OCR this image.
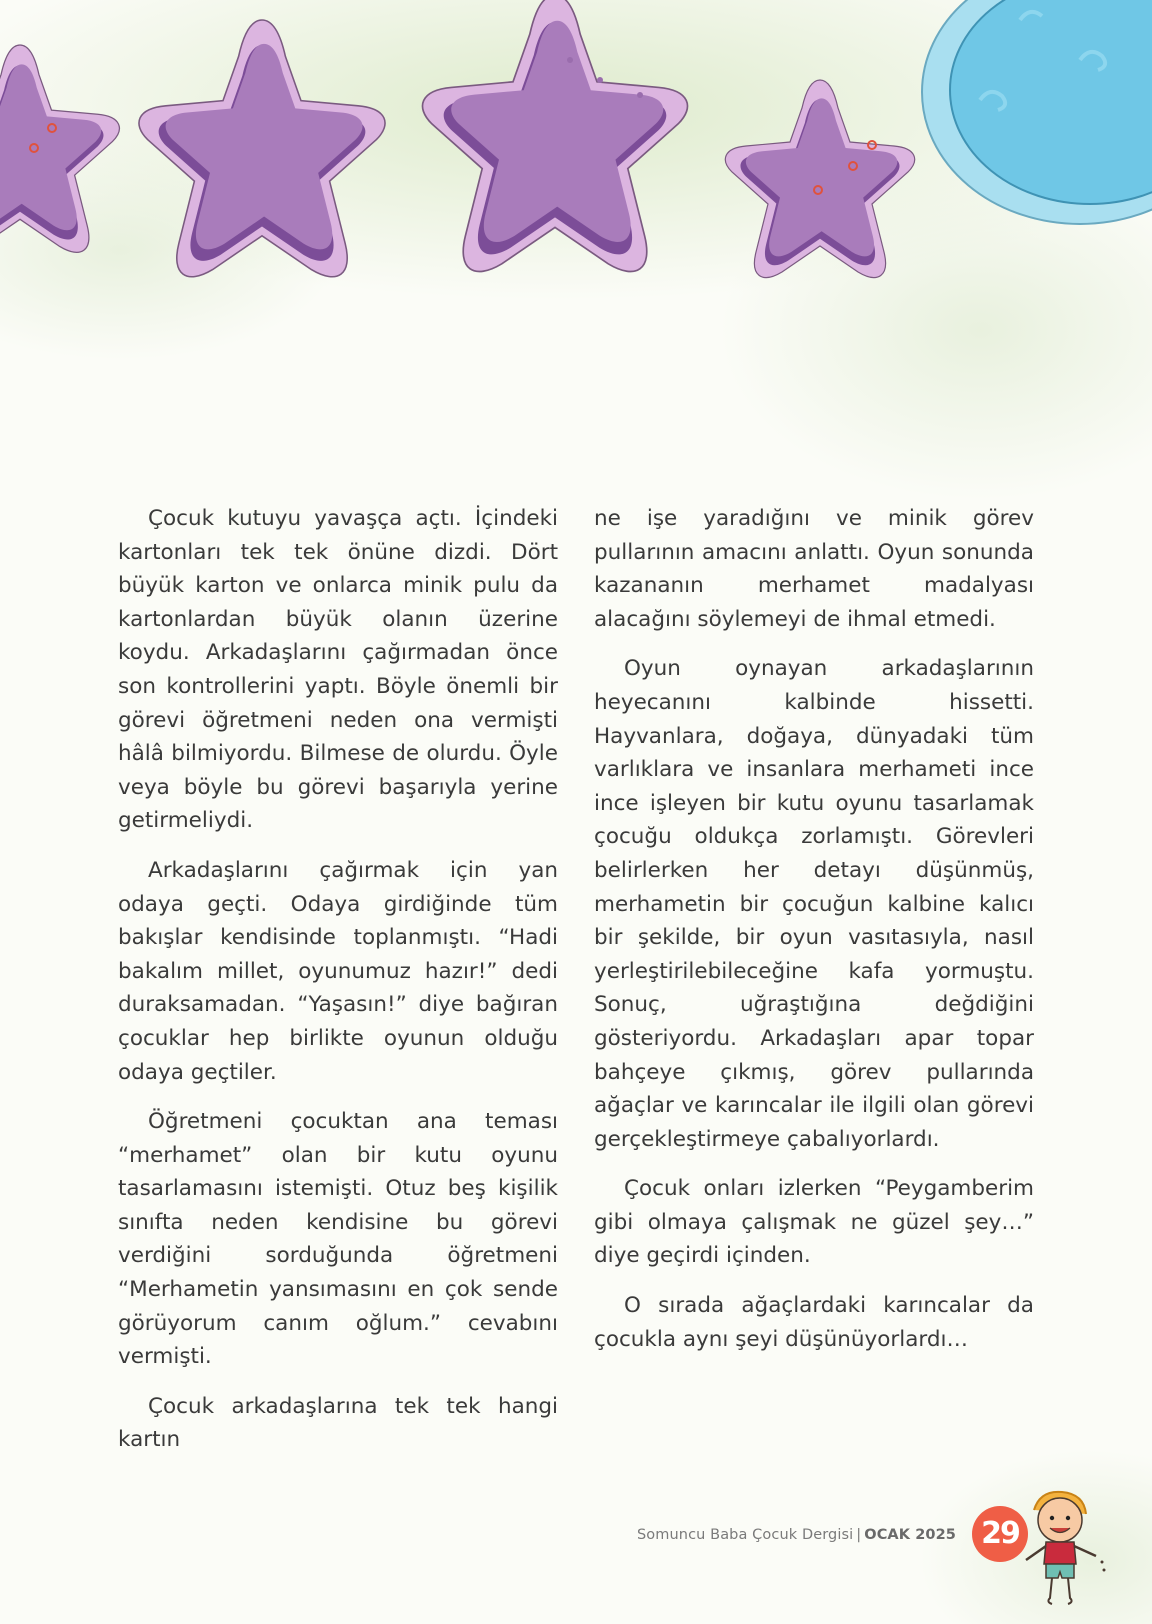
Çocuk kutuyu yavaşça açtı. İçindeki kartonları tek tek önüne dizdi. Dört büyük karton ve onlarca minik pulu da kartonlardan büyük olanın üzerine koydu. Arkadaşlarını çağırmadan önce son kontrollerini yaptı. Böyle önemli bir görevi öğretmeni neden ona vermişti hâlâ bilmiyordu. Bilmese de olurdu. Öyle veya böyle bu görevi başarıyla yerine getirmeliydi.

Arkadaşlarını çağırmak için yan odaya geçti. Odaya girdiğinde tüm bakışlar kendisinde toplanmıştı. “Hadi bakalım millet, oyunumuz hazır!” dedi duraksamadan. “Yaşasın!” diye bağıran çocuklar hep birlikte oyunun olduğu odaya geçtiler.

Öğretmeni çocuktan ana teması “merhamet” olan bir kutu oyunu tasarlamasını istemişti. Otuz beş kişilik sınıfta neden kendisine bu görevi verdiğini sorduğunda öğretmeni “Merhametin yansımasını en çok sende görüyorum canım oğlum.” cevabını vermişti.

Çocuk arkadaşlarına tek tek hangi kartın

ne işe yaradığını ve minik görev pullarının amacını anlattı. Oyun sonunda kazananın merhamet madalyası alacağını söylemeyi de ihmal etmedi.

Oyun oynayan arkadaşlarının heyecanını kalbinde hissetti. Hayvanlara, doğaya, dünyadaki tüm varlıklara ve insanlara merhameti ince ince işleyen bir kutu oyunu tasarlamak çocuğu oldukça zorlamıştı. Görevleri belirlerken her detayı düşünmüş, merhametin bir çocuğun kalbine kalıcı bir şekilde, bir oyun vasıtasıyla, nasıl yerleştirilebileceğine kafa yormuştu. Sonuç, uğraştığına değdiğini gösteriyordu. Arkadaşları apar topar bahçeye çıkmış, görev pullarında ağaçlar ve karıncalar ile ilgili olan görevi gerçekleştirmeye çabalıyorlardı.

Çocuk onları izlerken “Peygamberim gibi olmaya çalışmak ne güzel şey…” diye geçirdi içinden.

O sırada ağaçlardaki karıncalar da çocukla aynı şeyi düşünüyorlardı…

Somuncu Baba Çocuk Dergisi | OCAK 2025 29
